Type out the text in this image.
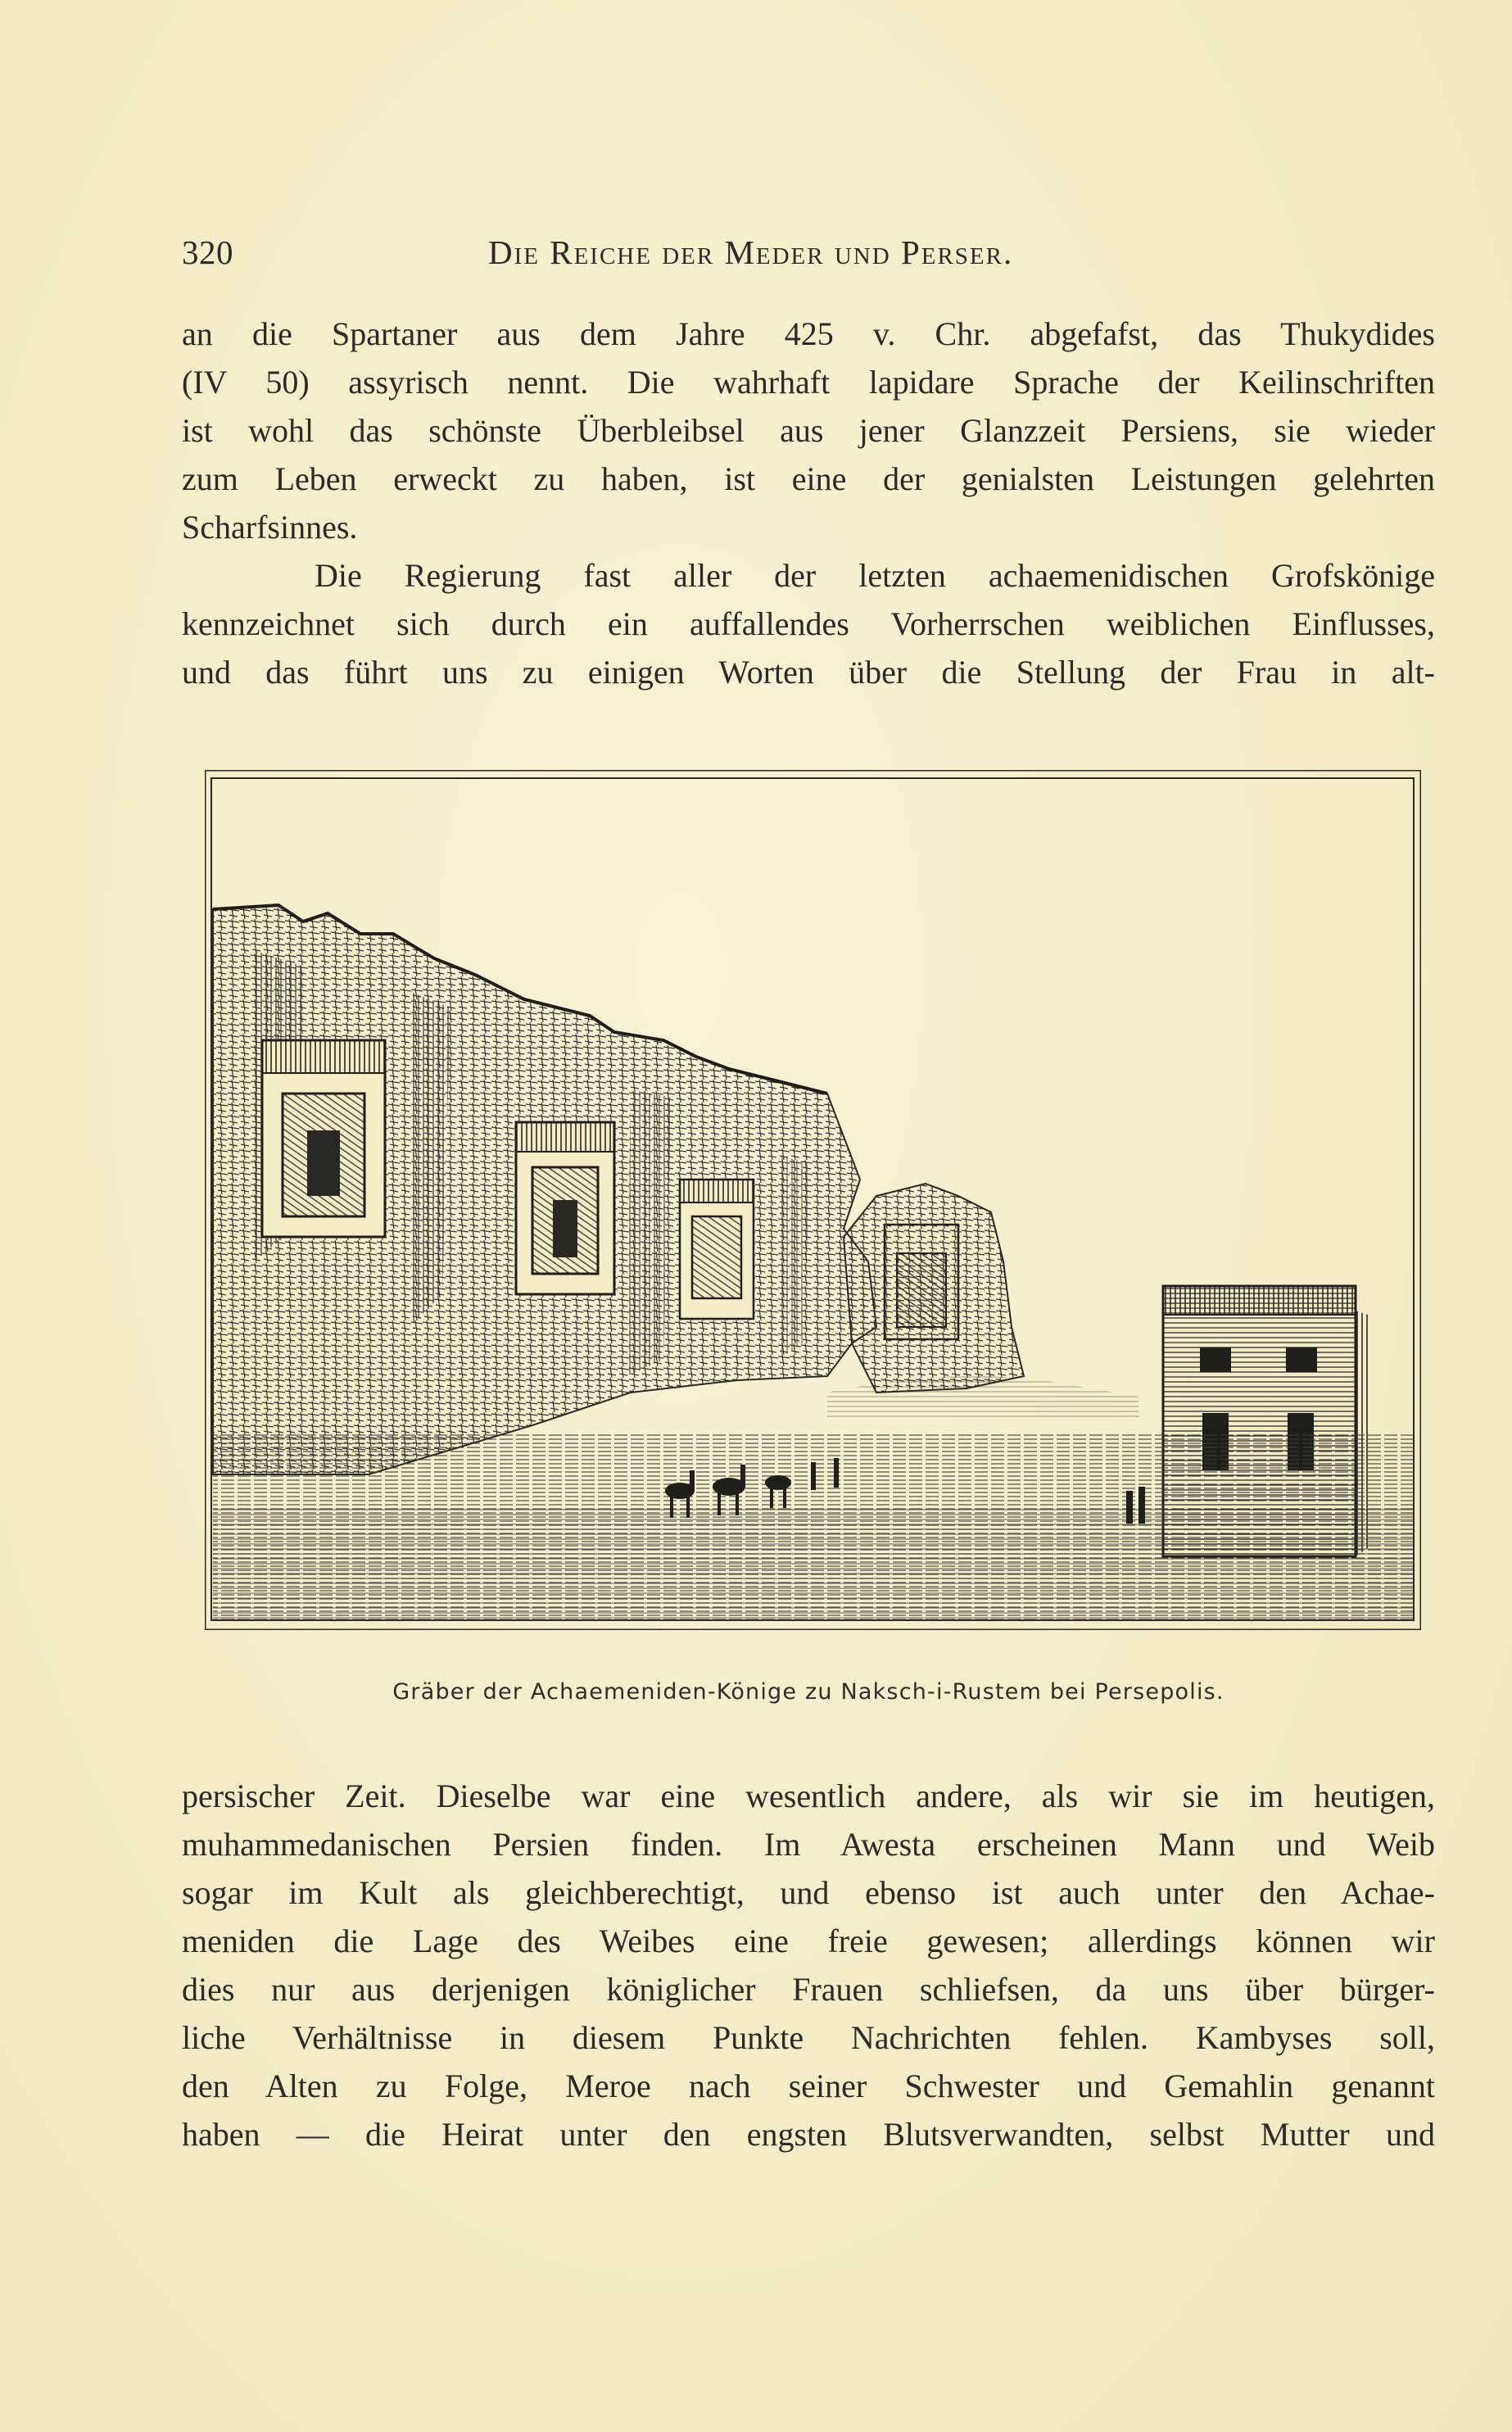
320	Die Reiche der Meder und Perser.
an die Spartaner aus dem Jahre 425 v. Chr. abgefafst, das Thukydides
(IV 50) assyrisch nennt. Die wahrhaft lapidare Sprache der Keilinschriften
ist wohl das schönste Überbleibsel aus jener Glanzzeit Persiens, sie wieder
zum Leben erweckt zu haben, ist eine der genialsten Leistungen gelehrten
Scharfsinnes.
Die Regierung fast aller der letzten achaemenidischen Grofskönige
kennzeichnet sich durch ein auffallendes Vorherrschen weiblichen Einflusses,
und das führt uns zu einigen Worten über die Stellung der Frau in alt-
Gräber der Achaemeniden-Könige zu Naksch-i-Rustem bei Persepolis.
persischer Zeit. Dieselbe war eine wesentlich andere, als wir sie im heutigen,
muhammedanischen Persien finden. Im Awesta erscheinen Mann und Weib
sogar im Kult als gleichberechtigt, und ebenso ist auch unter den Achae-
meniden die Lage des Weibes eine freie gewesen; allerdings können wir
dies nur aus derjenigen königlicher Frauen schliefsen, da uns über bürger-
liche Verhältnisse in diesem Punkte Nachrichten fehlen. Kambyses soll,
den Alten zu Folge, Meroe nach seiner Schwester und Gemahlin genannt
haben — die Heirat unter den engsten Blutsverwandten, selbst Mutter und
